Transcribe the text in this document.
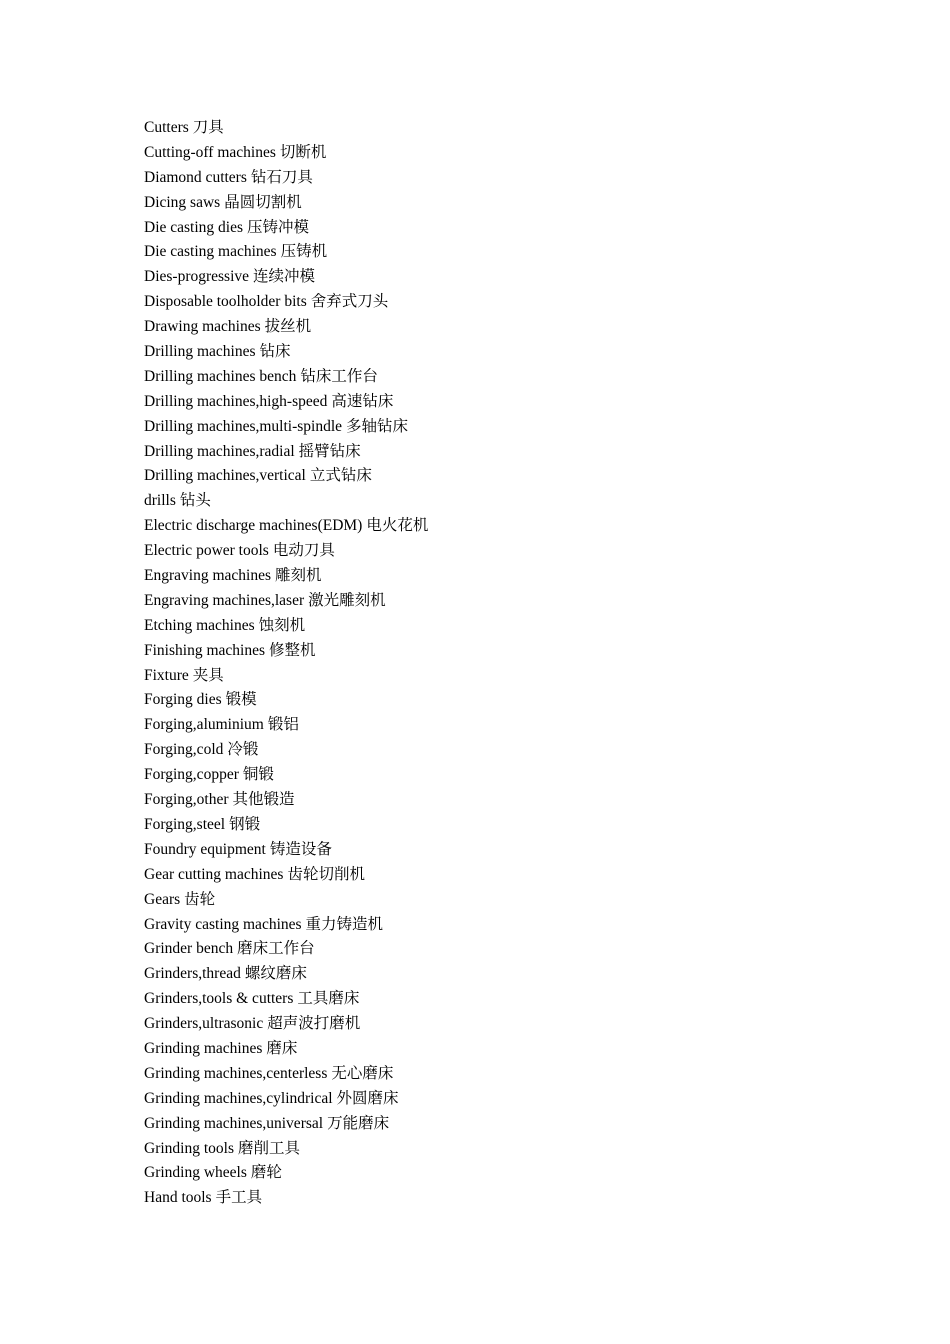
Cutters 刀具
Cutting-off machines 切断机
Diamond cutters 钻石刀具
Dicing saws 晶圆切割机
Die casting dies 压铸冲模
Die casting machines 压铸机
Dies-progressive 连续冲模
Disposable toolholder bits 舍弃式刀头
Drawing machines 拔丝机
Drilling machines 钻床
Drilling machines bench 钻床工作台
Drilling machines,high-speed 高速钻床
Drilling machines,multi-spindle 多轴钻床
Drilling machines,radial 摇臂钻床
Drilling machines,vertical 立式钻床
drills 钻头
Electric discharge machines(EDM) 电火花机
Electric power tools 电动刀具
Engraving machines 雕刻机
Engraving machines,laser 激光雕刻机
Etching machines 蚀刻机
Finishing machines 修整机
Fixture 夹具
Forging dies 锻模
Forging,aluminium 锻铝
Forging,cold 冷锻
Forging,copper 铜锻
Forging,other 其他锻造
Forging,steel 钢锻
Foundry equipment 铸造设备
Gear cutting machines 齿轮切削机
Gears 齿轮
Gravity casting machines 重力铸造机
Grinder bench 磨床工作台
Grinders,thread 螺纹磨床
Grinders,tools & cutters 工具磨床
Grinders,ultrasonic 超声波打磨机
Grinding machines 磨床
Grinding machines,centerless 无心磨床
Grinding machines,cylindrical 外圆磨床
Grinding machines,universal 万能磨床
Grinding tools 磨削工具
Grinding wheels 磨轮
Hand tools 手工具
